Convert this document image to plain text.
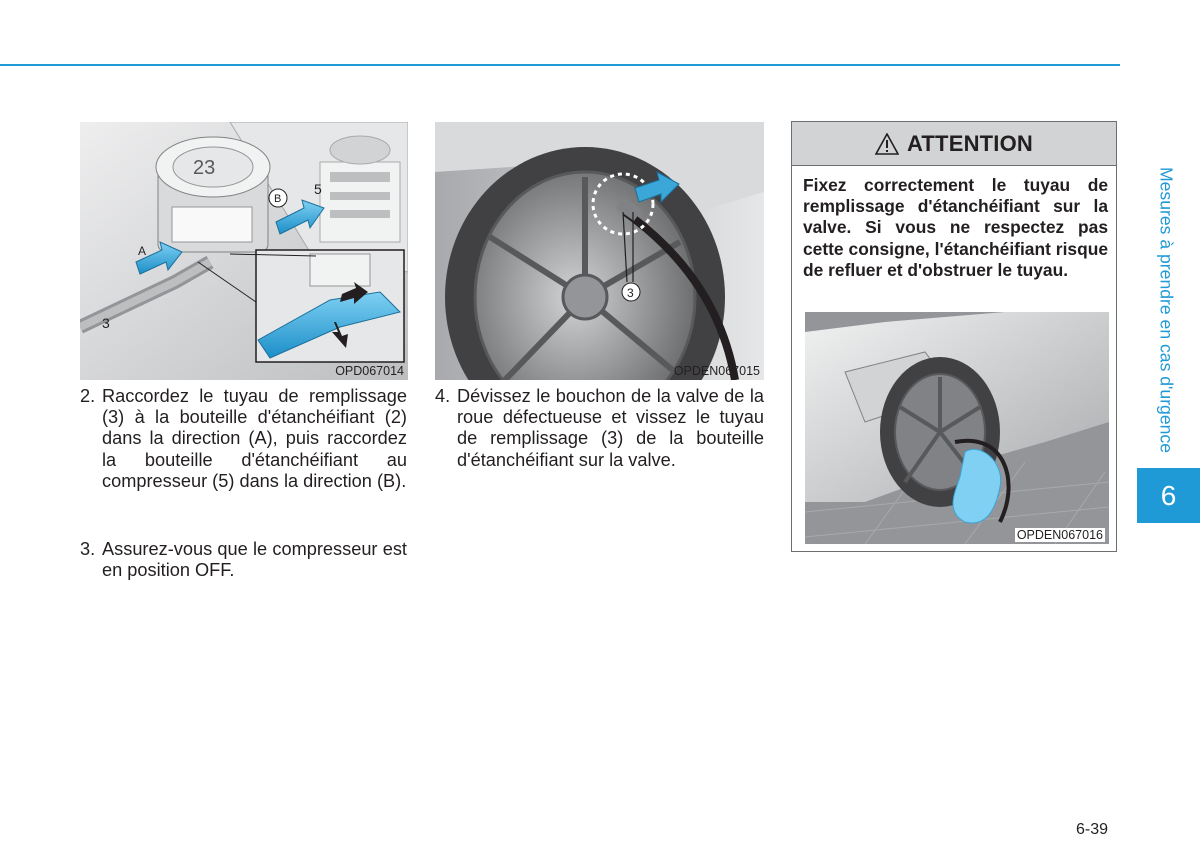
23
A
B
5
3
OPD067014
3
OPDEN067015
2. Raccordez le tuyau de remplissage (3) à la bouteille d'étanchéifiant (2) dans la direction (A), puis raccordez la bouteille d'étanchéifiant au compresseur (5) dans la direction (B).
3. Assurez-vous que le compresseur est en position OFF.
4. Dévissez le bouchon de la valve de la roue défectueuse et vissez le tuyau de remplissage (3) de la bouteille d'étanchéifiant sur la valve.
ATTENTION
Fixez correctement le tuyau de remplissage d'étanchéifiant sur la valve. Si vous ne respectez pas cette consigne, l'étanchéifiant risque de refluer et d'obstruer le tuyau.
OPDEN067016
Mesures à prendre en cas d'urgence
6
6-39
